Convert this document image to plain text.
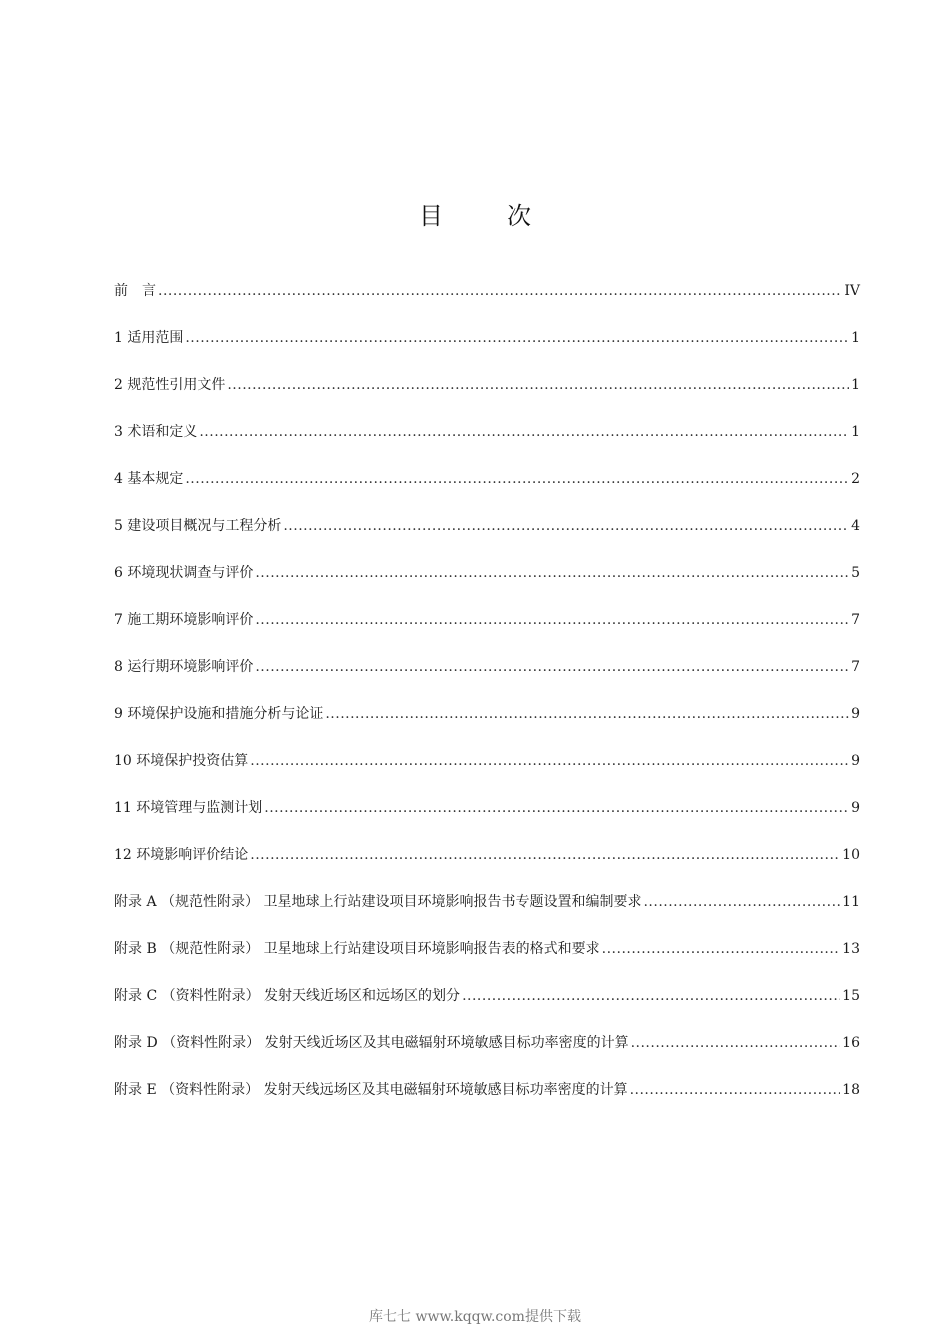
目　次
前　言 .....	IV
1 适用范围 .....	1
2 规范性引用文件 .....	1
3 术语和定义 .....	1
4 基本规定 .....	2
5 建设项目概况与工程分析 .....	4
6 环境现状调查与评价 .....	5
7 施工期环境影响评价 .....	7
8 运行期环境影响评价 .....	7
9 环境保护设施和措施分析与论证 .....	9
10 环境保护投资估算 .....	9
11 环境管理与监测计划 .....	9
12 环境影响评价结论 .....	10
附录 A （规范性附录） 卫星地球上行站建设项目环境影响报告书专题设置和编制要求 .....	11
附录 B （规范性附录） 卫星地球上行站建设项目环境影响报告表的格式和要求 .....	13
附录 C （资料性附录） 发射天线近场区和远场区的划分 .....	15
附录 D （资料性附录） 发射天线近场区及其电磁辐射环境敏感目标功率密度的计算 .....	16
附录 E （资料性附录） 发射天线远场区及其电磁辐射环境敏感目标功率密度的计算 .....	18
库七七 www.kqqw.com提供下载
